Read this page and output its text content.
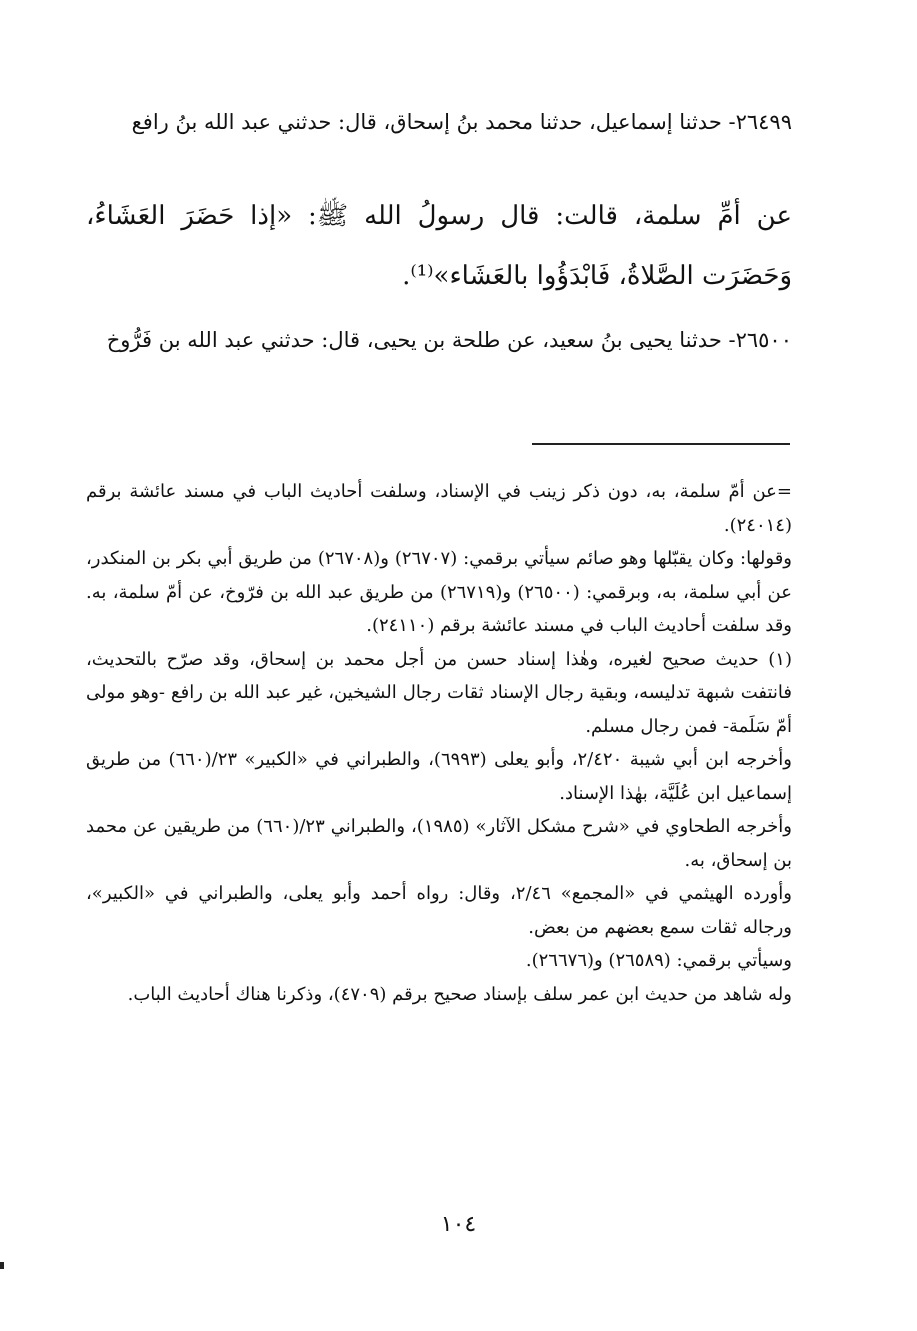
٢٦٤٩٩- حدثنا إسماعيل، حدثنا محمد بنُ إسحاق، قال: حدثني عبد الله بنُ رافع
عن أمِّ سلمة، قالت: قال رسولُ الله ﷺ: «إذا حَضَرَ العَشَاءُ، وَحَضَرَت الصَّلاةُ، فَابْدَؤُوا بالعَشَاء»⁽¹⁾.
٢٦٥٠٠- حدثنا يحيى بنُ سعيد، عن طلحة بن يحيى، قال: حدثني عبد الله بن فَرُّوخ
=عن أمّ سلمة، به، دون ذكر زينب في الإسناد، وسلفت أحاديث الباب في مسند عائشة برقم (٢٤٠١٤).
وقولها: وكان يقبّلها وهو صائم سيأتي برقمي: (٢٦٧٠٧) و(٢٦٧٠٨) من طريق أبي بكر بن المنكدر، عن أبي سلمة، به، وبرقمي: (٢٦٥٠٠) و(٢٦٧١٩) من طريق عبد الله بن فرّوخ، عن أمّ سلمة، به. وقد سلفت أحاديث الباب في مسند عائشة برقم (٢٤١١٠).
(١) حديث صحيح لغيره، وهٰذا إسناد حسن من أجل محمد بن إسحاق، وقد صرّح بالتحديث، فانتفت شبهة تدليسه، وبقية رجال الإسناد ثقات رجال الشيخين، غير عبد الله بن رافع -وهو مولى أمّ سَلَمة- فمن رجال مسلم.
وأخرجه ابن أبي شيبة ٢/٤٢٠، وأبو يعلى (٦٩٩٣)، والطبراني في «الكبير» ٢٣/(٦٦٠) من طريق إسماعيل ابن عُلَيَّة، بهٰذا الإسناد.
وأخرجه الطحاوي في «شرح مشكل الآثار» (١٩٨٥)، والطبراني ٢٣/(٦٦٠) من طريقين عن محمد بن إسحاق، به.
وأورده الهيثمي في «المجمع» ٢/٤٦، وقال: رواه أحمد وأبو يعلى، والطبراني في «الكبير»، ورجاله ثقات سمع بعضهم من بعض.
وسيأتي برقمي: (٢٦٥٨٩) و(٢٦٦٧٦).
وله شاهد من حديث ابن عمر سلف بإسناد صحيح برقم (٤٧٠٩)، وذكرنا هناك أحاديث الباب.
١٠٤
